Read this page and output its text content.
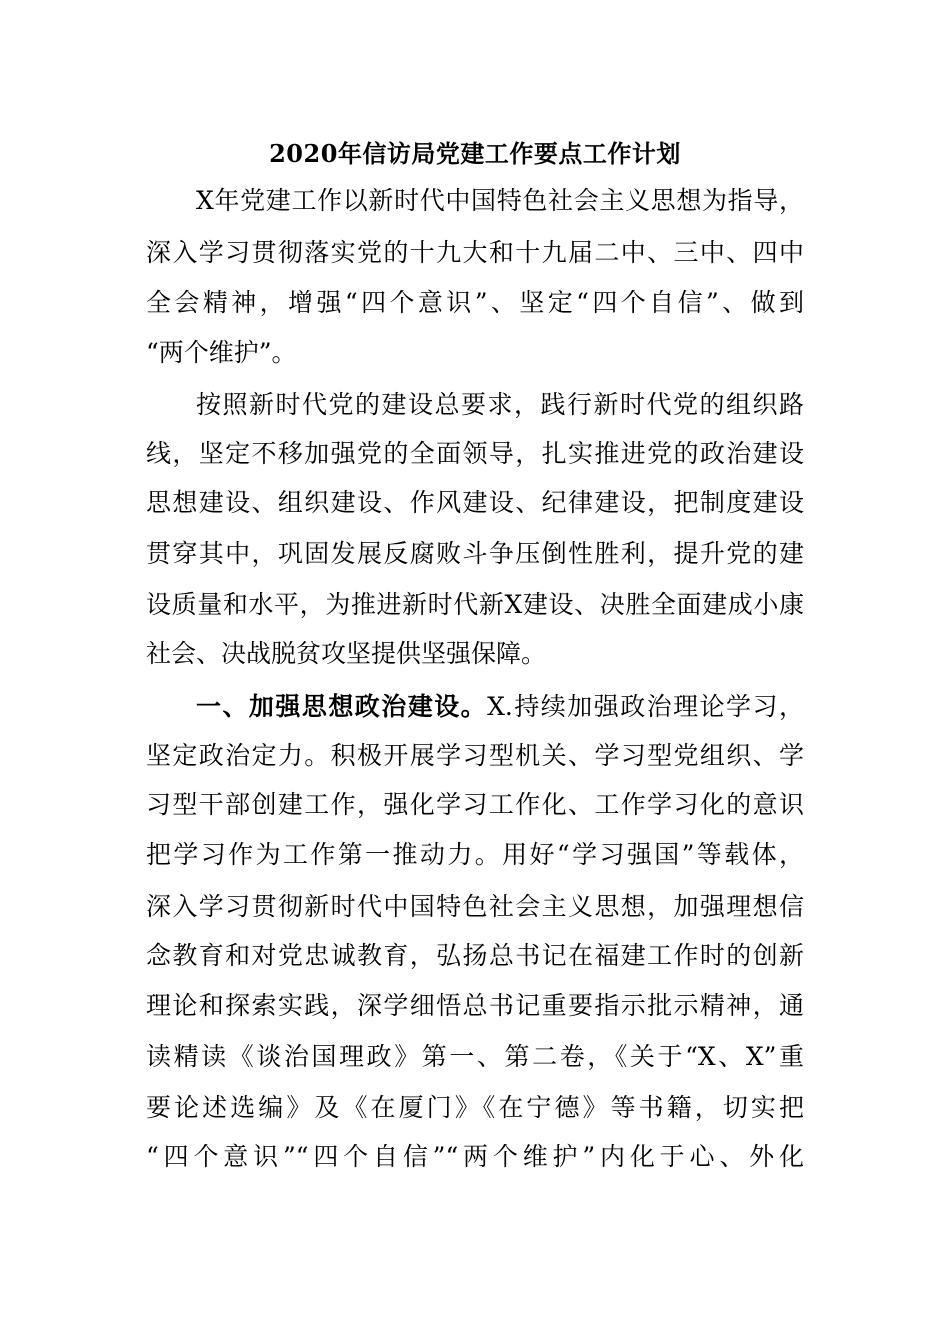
2020年信访局党建工作要点工作计划
X年党建工作以新时代中国特色社会主义思想为指导，
深入学习贯彻落实党的十九大和十九届二中、三中、四中
全会精神，增强“四个意识”、坚定“四个自信”、做到
“两个维护”。
按照新时代党的建设总要求，践行新时代党的组织路
线，坚定不移加强党的全面领导，扎实推进党的政治建设
思想建设、组织建设、作风建设、纪律建设，把制度建设
贯穿其中，巩固发展反腐败斗争压倒性胜利，提升党的建
设质量和水平，为推进新时代新X建设、决胜全面建成小康
社会、决战脱贫攻坚提供坚强保障。
一、加强思想政治建设。X.持续加强政治理论学习，
坚定政治定力。积极开展学习型机关、学习型党组织、学
习型干部创建工作，强化学习工作化、工作学习化的意识
把学习作为工作第一推动力。用好“学习强国”等载体，
深入学习贯彻新时代中国特色社会主义思想，加强理想信
念教育和对党忠诚教育，弘扬总书记在福建工作时的创新
理论和探索实践，深学细悟总书记重要指示批示精神，通
读精读《谈治国理政》第一、第二卷，《关于“X、X”重
要论述选编》及《在厦门》《在宁德》等书籍，切实把
“四个意识”“四个自信”“两个维护”内化于心、外化
